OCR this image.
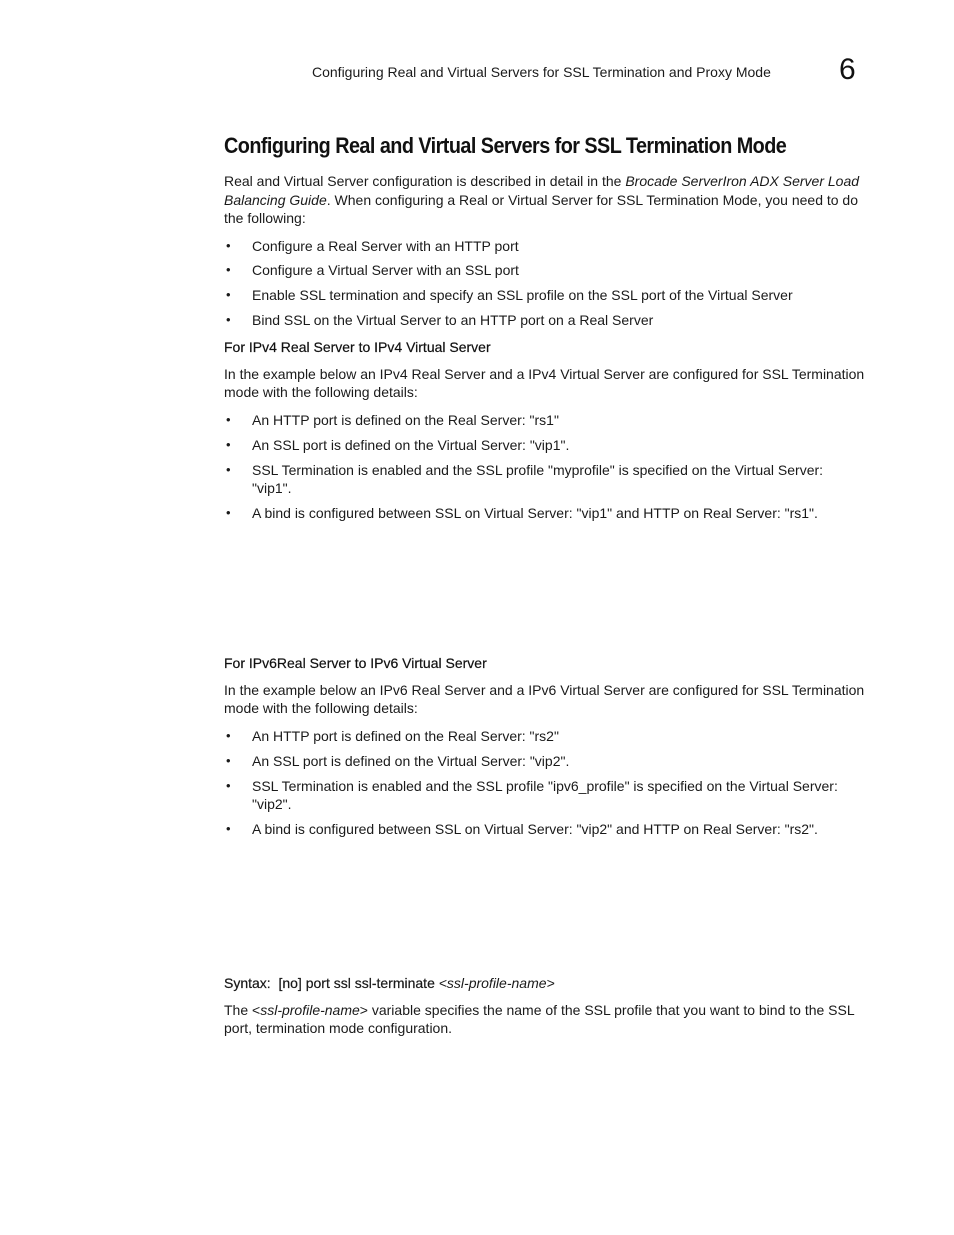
Configuring Real and Virtual Servers for SSL Termination and Proxy Mode 6
Configuring Real and Virtual Servers for SSL Termination Mode

Real and Virtual Server configuration is described in detail in the Brocade ServerIron ADX Server Load Balancing Guide. When configuring a Real or Virtual Server for SSL Termination Mode, you need to do the following:

• Configure a Real Server with an HTTP port
• Configure a Virtual Server with an SSL port
• Enable SSL termination and specify an SSL profile on the SSL port of the Virtual Server
• Bind SSL on the Virtual Server to an HTTP port on a Real Server
For IPv4 Real Server to IPv4 Virtual Server

In the example below an IPv4 Real Server and a IPv4 Virtual Server are configured for SSL Termination mode with the following details:

• An HTTP port is defined on the Real Server: "rs1"
• An SSL port is defined on the Virtual Server: "vip1".
• SSL Termination is enabled and the SSL profile "myprofile" is specified on the Virtual Server: "vip1".
• A bind is configured between SSL on Virtual Server: "vip1" and HTTP on Real Server: "rs1".
For IPv6Real Server to IPv6 Virtual Server

In the example below an IPv6 Real Server and a IPv6 Virtual Server are configured for SSL Termination mode with the following details:

• An HTTP port is defined on the Real Server: "rs2"
• An SSL port is defined on the Virtual Server: "vip2".
• SSL Termination is enabled and the SSL profile "ipv6_profile" is specified on the Virtual Server: "vip2".
• A bind is configured between SSL on Virtual Server: "vip2" and HTTP on Real Server: "rs2".
Syntax:  [no] port ssl ssl-terminate <ssl-profile-name>

The <ssl-profile-name> variable specifies the name of the SSL profile that you want to bind to the SSL port, termination mode configuration.
